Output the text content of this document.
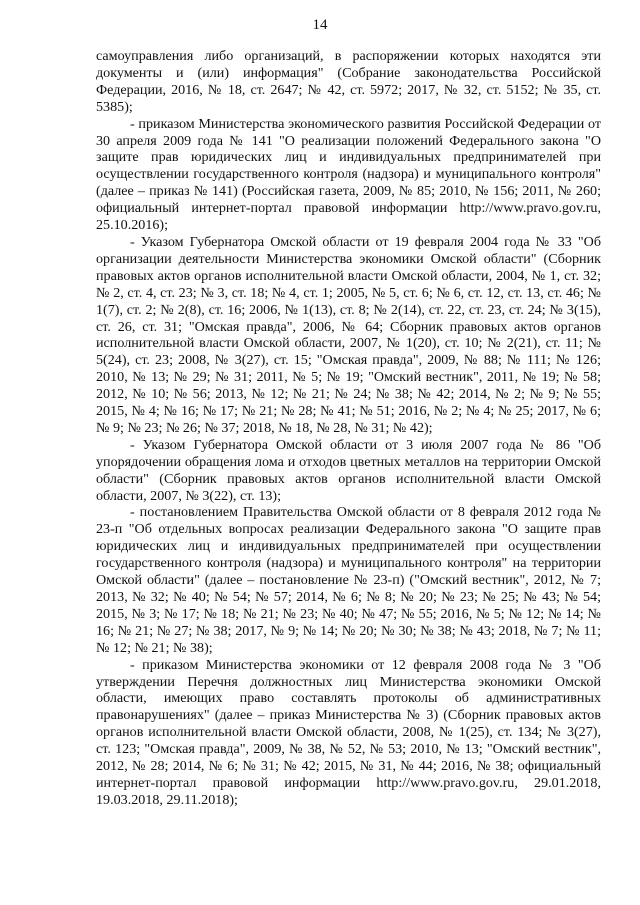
14

самоуправления либо организаций, в распоряжении которых находятся эти документы и (или) информация" (Собрание законодательства Российской Федерации, 2016, № 18, ст. 2647; № 42, ст. 5972; 2017, № 32, ст. 5152; № 35, ст. 5385);

- приказом Министерства экономического развития Российской Федерации от 30 апреля 2009 года № 141 "О реализации положений Федерального закона "О защите прав юридических лиц и индивидуальных предпринимателей при осуществлении государственного контроля (надзора) и муниципального контроля" (далее – приказ № 141) (Российская газета, 2009, № 85; 2010, № 156; 2011, № 260; официальный интернет-портал правовой информации http://www.pravo.gov.ru, 25.10.2016);

- Указом Губернатора Омской области от 19 февраля 2004 года № 33 "Об организации деятельности Министерства экономики Омской области" (Сборник правовых актов органов исполнительной власти Омской области, 2004, № 1, ст. 32; № 2, ст. 4, ст. 23; № 3, ст. 18; № 4, ст. 1; 2005, № 5, ст. 6; № 6, ст. 12, ст. 13, ст. 46; № 1(7), ст. 2; № 2(8), ст. 16; 2006, № 1(13), ст. 8; № 2(14), ст. 22, ст. 23, ст. 24; № 3(15), ст. 26, ст. 31; "Омская правда", 2006, № 64; Сборник правовых актов органов исполнительной власти Омской области, 2007, № 1(20), ст. 10; № 2(21), ст. 11; № 5(24), ст. 23; 2008, № 3(27), ст. 15; "Омская правда", 2009, № 88; № 111; № 126; 2010, № 13; № 29; № 31; 2011, № 5; № 19; "Омский вестник", 2011, № 19; № 58; 2012, № 10; № 56; 2013, № 12; № 21; № 24; № 38; № 42; 2014, № 2; № 9; № 55; 2015, № 4; № 16; № 17; № 21; № 28; № 41; № 51; 2016, № 2; № 4; № 25; 2017, № 6; № 9; № 23; № 26; № 37; 2018, № 18, № 28, № 31; № 42);

- Указом Губернатора Омской области от 3 июля 2007 года № 86 "Об упорядочении обращения лома и отходов цветных металлов на территории Омской области" (Сборник правовых актов органов исполнительной власти Омской области, 2007, № 3(22), ст. 13);

- постановлением Правительства Омской области от 8 февраля 2012 года № 23-п "Об отдельных вопросах реализации Федерального закона "О защите прав юридических лиц и индивидуальных предпринимателей при осуществлении государственного контроля (надзора) и муниципального контроля" на территории Омской области" (далее – постановление № 23-п) ("Омский вестник", 2012, № 7; 2013, № 32; № 40; № 54; № 57; 2014, № 6; № 8; № 20; № 23; № 25; № 43; № 54; 2015, № 3; № 17; № 18; № 21; № 23; № 40; № 47; № 55; 2016, № 5; № 12; № 14; № 16; № 21; № 27; № 38; 2017, № 9; № 14; № 20; № 30; № 38; № 43; 2018, № 7; № 11; № 12; № 21; № 38);

- приказом Министерства экономики от 12 февраля 2008 года № 3 "Об утверждении Перечня должностных лиц Министерства экономики Омской области, имеющих право составлять протоколы об административных правонарушениях" (далее – приказ Министерства № 3) (Сборник правовых актов органов исполнительной власти Омской области, 2008, № 1(25), ст. 134; № 3(27), ст. 123; "Омская правда", 2009, № 38, № 52, № 53; 2010, № 13; "Омский вестник", 2012, № 28; 2014, № 6; № 31; № 42; 2015, № 31, № 44; 2016, № 38; официальный интернет-портал правовой информации http://www.pravo.gov.ru, 29.01.2018, 19.03.2018, 29.11.2018);
